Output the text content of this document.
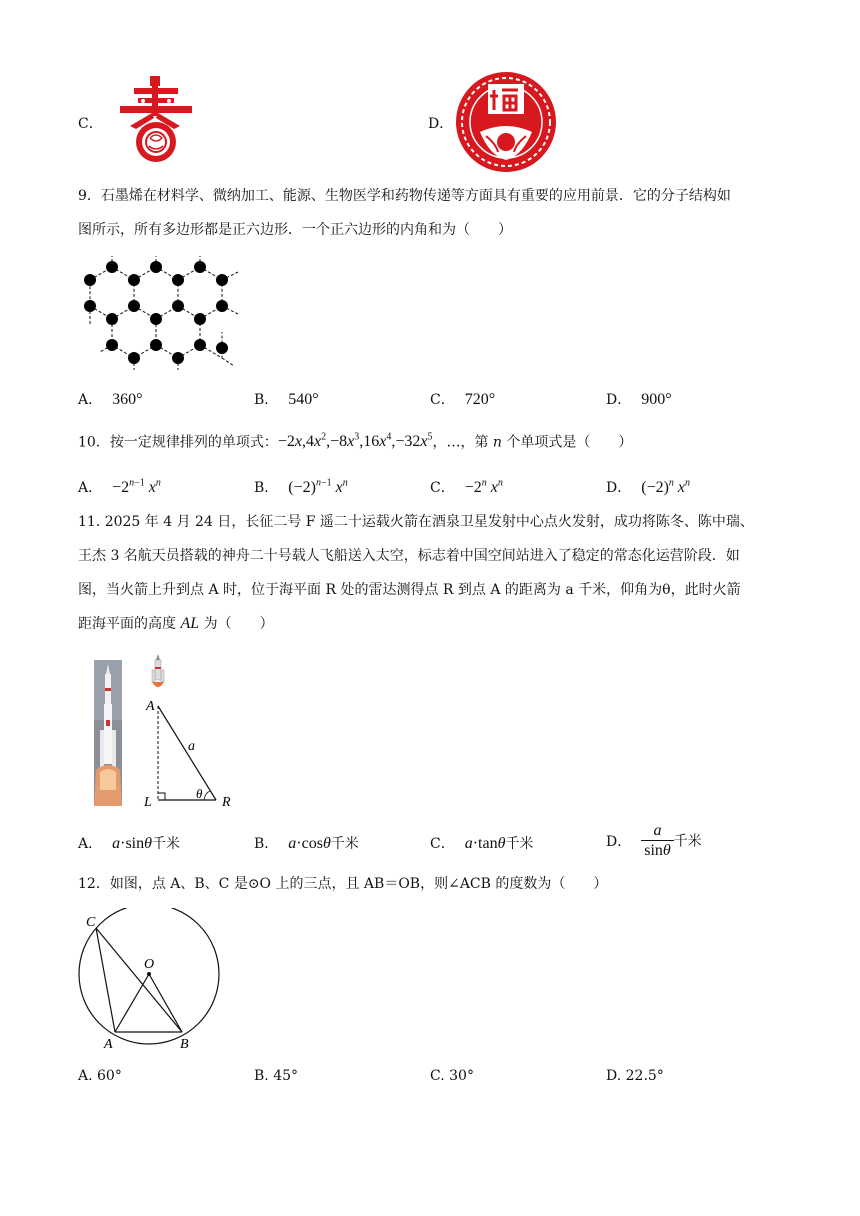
C．	D．
9．石墨烯在材料学、微纳加工、能源、生物医学和药物传递等方面具有重要的应用前景．它的分子结构如
图所示，所有多边形都是正六边形．一个正六边形的内角和为（　　）
A． 360°	B． 540°	C． 720°	D． 900°
10．按一定规律排列的单项式：$-2x,4x^2,-8x^3,16x^4,-32x^5$，…，第 n 个单项式是（　　）
A． $-2^{n-1}$ $x^n$	B． $(-2)^{n-1}$ $x^n$	C． $-2^n$ $x^n$	D． $(-2)^n$ $x^n$
11. 2025 年 4 月 24 日，长征二号 F 遥二十运载火箭在酒泉卫星发射中心点火发射，成功将陈冬、陈中瑞、
王杰 3 名航天员搭载的神舟二十号载人飞船送入太空，标志着中国空间站进入了稳定的常态化运营阶段．如
图，当火箭上升到点 A 时，位于海平面 R 处的雷达测得点 R 到点 A 的距离为 a 千米，仰角为θ，此时火箭
距海平面的高度 AL 为（　　）
A
a
L
θ
R
A． a·sinθ千米	B． a·cosθ千米	C． a·tanθ千米	D． $\frac{a}{\sin\theta}$ 千米
12．如图，点 A、B、C 是⊙O 上的三点，且 AB＝OB，则∠ACB 的度数为（　　）
C
O
A	B
A. 60°	B. 45°	C. 30°	D. 22.5°
